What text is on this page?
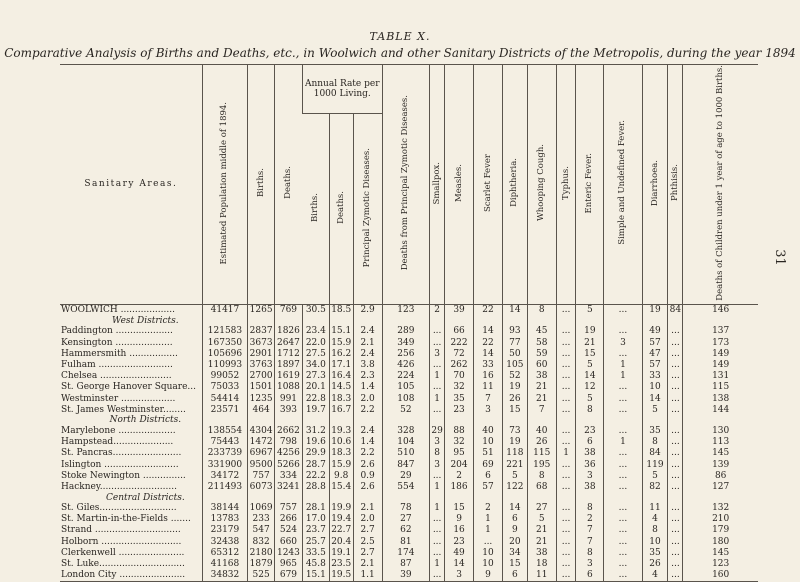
TABLE X.
Comparative Analysis of Births and Deaths, etc., in Woolwich and other Sanitary Districts of the Metropolis, during the year 1894
31
Sanitary Areas.	Estimated Population middle of 1894.	Births.	Deaths.	Annual Rate per 1000 Living.			Deaths from Principal Zymotic Diseases.	Smallpox.	Measles.	Scarlet Fever	Diphtheria.	Whooping Cough.	Typhus.	Enteric Fever.	Simple and Undefined Fever.	Diarrhoea.	Phthisis.	Deaths of Children under 1 year of age to 1000 Births.
				Births.	Deaths.	Principal Zymotic Diseases.												
WOOLWICH ...................	41417	1265	769	30.5	18.5	2.9	123	2	39	22	14	8	...	5	...	19	84	146
West Districts.																		
Paddington ....................	121583	2837	1826	23.4	15.1	2.4	289	...	66	14	93	45	...	19	...	49	...	137
Kensington ....................	167350	3673	2647	22.0	15.9	2.1	349	...	222	22	77	58	...	21	3	57	...	173
Hammersmith .................	105696	2901	1712	27.5	16.2	2.4	256	3	72	14	50	59	...	15	...	47	...	149
Fulham ..........................	110993	3763	1897	34.0	17.1	3.8	426	...	262	33	105	60	...	5	1	57	...	149
Chelsea .........................	99052	2700	1619	27.3	16.4	2.3	224	1	70	16	52	38	...	14	1	33	...	131
St. George Hanover Square...	75033	1501	1088	20.1	14.5	1.4	105	...	32	11	19	21	...	12	...	10	...	115
Westminster ...................	54414	1235	991	22.8	18.3	2.0	108	1	35	7	26	21	...	5	...	14	...	138
St. James Westminster........	23571	464	393	19.7	16.7	2.2	52	...	23	3	15	7	...	8	...	5	...	144
North Districts.																		
Marylebone ....................	138554	4304	2662	31.2	19.3	2.4	328	29	88	40	73	40	...	23	...	35	...	130
Hampstead.....................	75443	1472	798	19.6	10.6	1.4	104	3	32	10	19	26	...	6	1	8	...	113
St. Pancras........................	233739	6967	4256	29.9	18.3	2.2	510	8	95	51	118	115	1	38	...	84	...	145
Islington ..........................	331900	9500	5266	28.7	15.9	2.6	847	3	204	69	221	195	...	36	...	119	...	139
Stoke Newington ...............	34172	757	334	22.2	9.8	0.9	29	...	2	6	5	8	...	3	...	5	...	86
Hackney...........................	211493	6073	3241	28.8	15.4	2.6	554	1	186	57	122	68	...	38	...	82	...	127
Central Districts.																		
St. Giles...........................	38144	1069	757	28.1	19.9	2.1	78	1	15	2	14	27	...	8	...	11	...	132
St. Martin-in-the-Fields .......	13783	233	266	17.0	19.4	2.0	27	...	9	1	6	5	...	2	...	4	...	210
Strand ..............................	23179	547	524	23.7	22.7	2.7	62	...	16	1	9	21	...	7	...	8	...	179
Holborn ............................	32438	832	660	25.7	20.4	2.5	81	...	23	...	20	21	...	7	...	10	...	180
Clerkenwell .......................	65312	2180	1243	33.5	19.1	2.7	174	...	49	10	34	38	...	8	...	35	...	145
St. Luke..............................	41168	1879	965	45.8	23.5	2.1	87	1	14	10	15	18	...	3	...	26	...	123
London City .......................	34832	525	679	15.1	19.5	1.1	39	...	3	9	6	11	...	6	...	4	...	160
